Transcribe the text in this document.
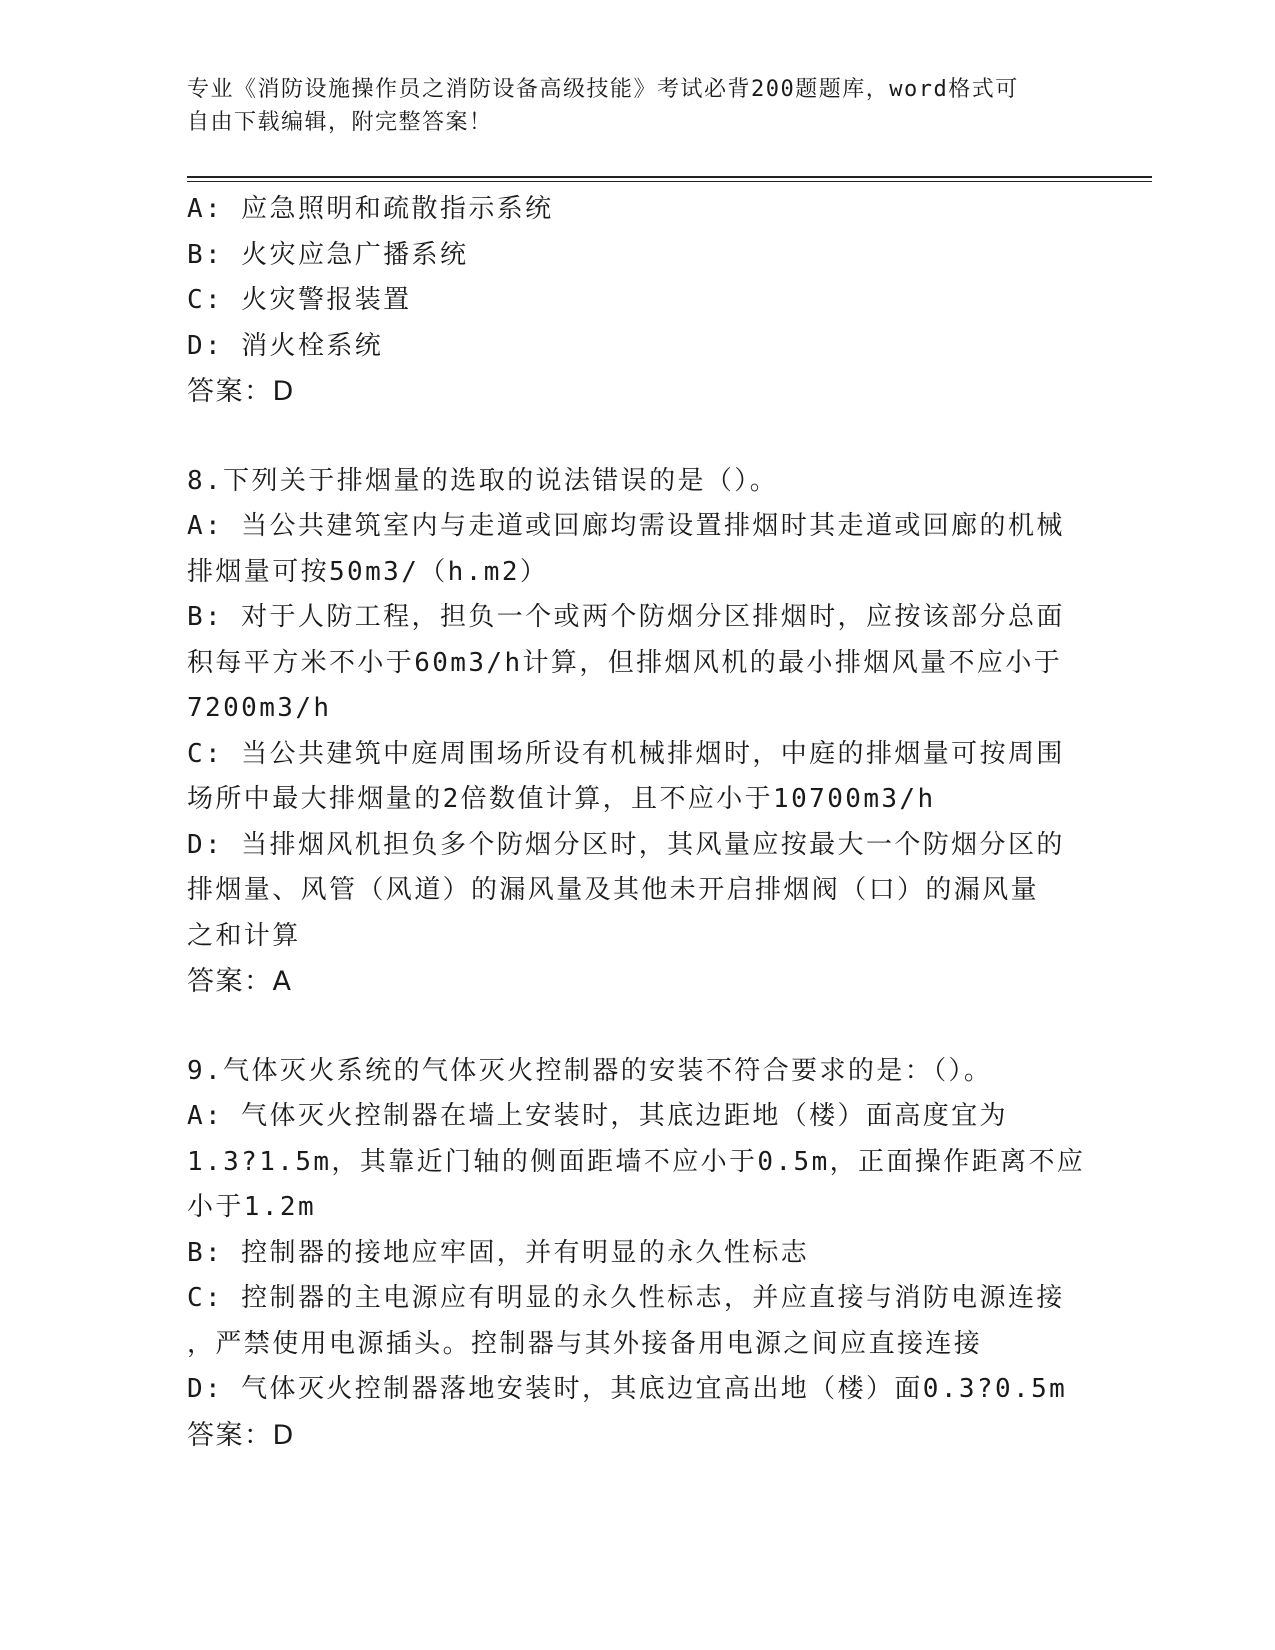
专业《消防设施操作员之消防设备高级技能》考试必背200题题库，word格式可
自由下载编辑，附完整答案！
A: 应急照明和疏散指示系统
B: 火灾应急广播系统
C: 火灾警报装置
D: 消火栓系统
答案：D
8.下列关于排烟量的选取的说法错误的是（）。
A: 当公共建筑室内与走道或回廊均需设置排烟时其走道或回廊的机械
排烟量可按50m3/（h.m2）
B: 对于人防工程，担负一个或两个防烟分区排烟时，应按该部分总面
积每平方米不小于60m3/h计算，但排烟风机的最小排烟风量不应小于
7200m3/h
C: 当公共建筑中庭周围场所设有机械排烟时，中庭的排烟量可按周围
场所中最大排烟量的2倍数值计算，且不应小于10700m3/h
D: 当排烟风机担负多个防烟分区时，其风量应按最大一个防烟分区的
排烟量、风管（风道）的漏风量及其他未开启排烟阀（口）的漏风量
之和计算
答案：A
9.气体灭火系统的气体灭火控制器的安装不符合要求的是：（）。
A: 气体灭火控制器在墙上安装时，其底边距地（楼）面高度宜为
1.3?1.5m，其靠近门轴的侧面距墙不应小于0.5m，正面操作距离不应
小于1.2m
B: 控制器的接地应牢固，并有明显的永久性标志
C: 控制器的主电源应有明显的永久性标志，并应直接与消防电源连接
，严禁使用电源插头。控制器与其外接备用电源之间应直接连接
D: 气体灭火控制器落地安装时，其底边宜高出地（楼）面0.3?0.5m
答案：D
